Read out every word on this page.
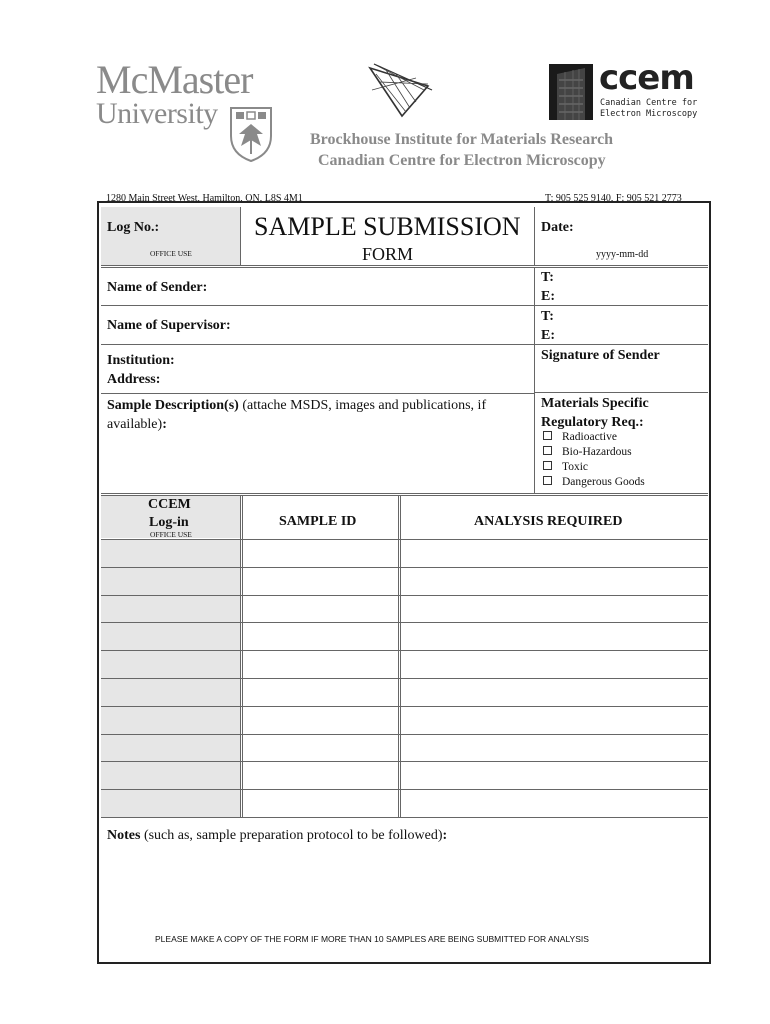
McMaster
University
ccem
Canadian Centre for
Electron Microscopy
Brockhouse Institute for Materials Research
Canadian Centre for Electron Microscopy
1280 Main Street West, Hamilton, ON, L8S 4M1	T: 905 525 9140, F: 905 521 2773
Log No.:
OFFICE USE
SAMPLE SUBMISSION
FORM
Date:
yyyy-mm-dd
Name of Sender:
T:
E:
Name of Supervisor:
T:
E:
Institution:
Address:
Signature of Sender
Sample Description(s) (attache MSDS, images and publications, if available):
Materials Specific
Regulatory Req.:
Radioactive
Bio-Hazardous
Toxic
Dangerous Goods
CCEM
Log-in
OFFICE USE
SAMPLE ID	ANALYSIS REQUIRED
Notes (such as, sample preparation protocol to be followed):
PLEASE MAKE A COPY OF THE FORM IF MORE THAN 10 SAMPLES ARE BEING SUBMITTED FOR ANALYSIS
